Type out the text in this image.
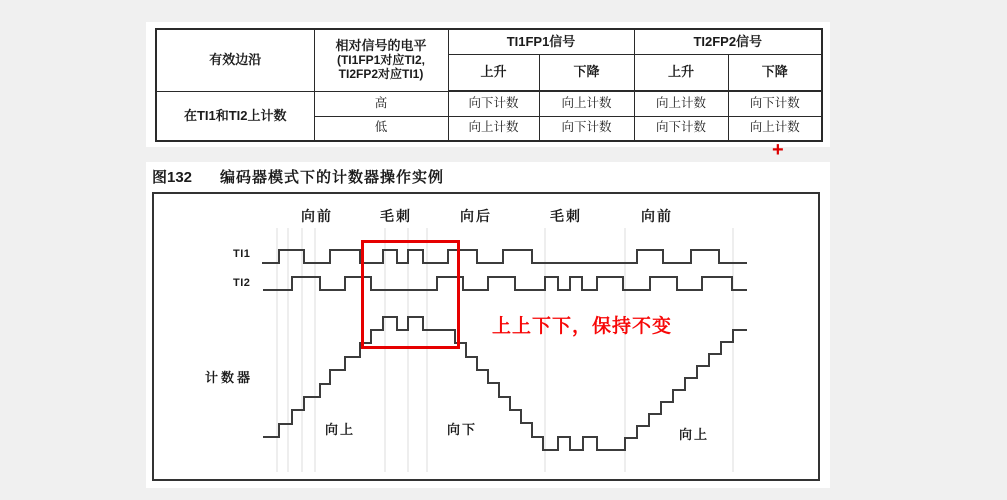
有效边沿	相对信号的电平
(TI1FP1对应TI2,
TI2FP2对应TI1)	TI1FP1信号		TI2FP2信号	
		上升	下降	上升	下降
在TI1和TI2上计数	高	向下计数	向上计数	向上计数	向下计数
	低	向上计数	向下计数	向下计数	向上计数
+
图132 编码器模式下的计数器操作实例
向前	毛刺	向后	毛刺	向前
TI1
TI2
计数器
向上	向下	向上
上上下下，保持不变
